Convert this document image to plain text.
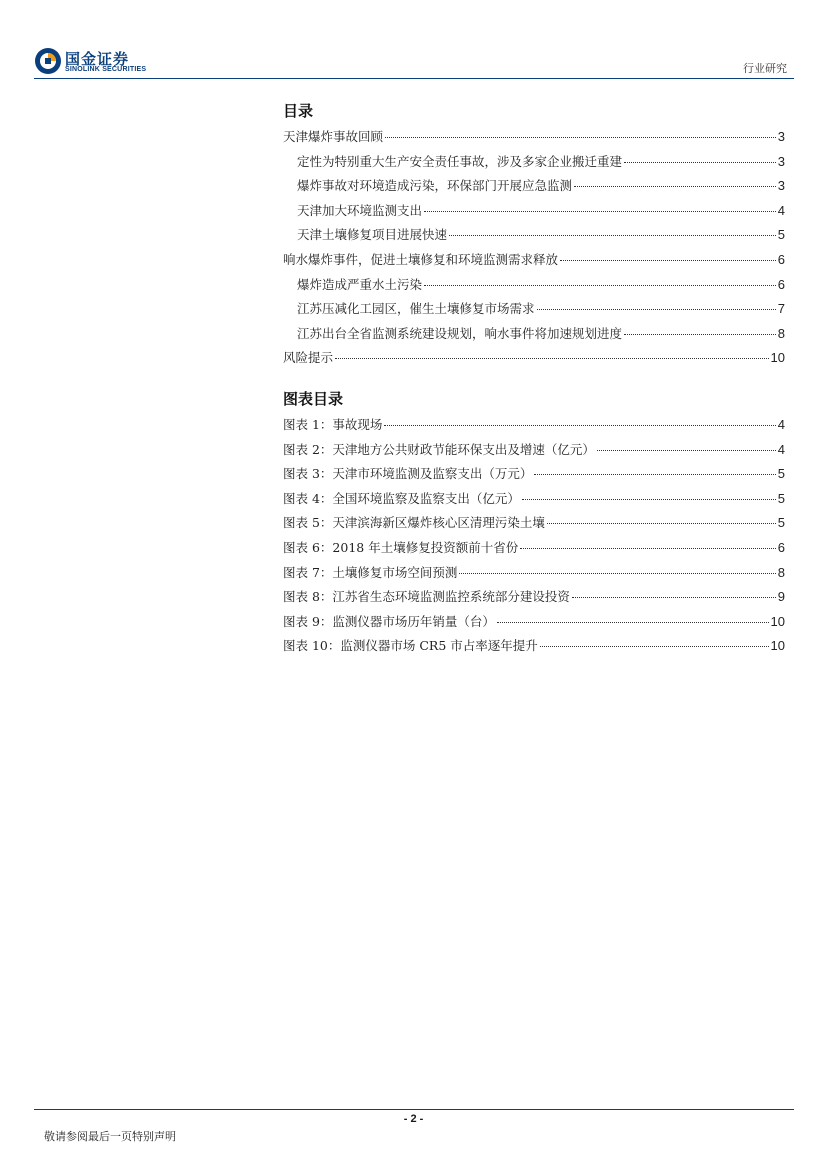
国金证券
SINOLINK SECURITIES	行业研究
目录
天津爆炸事故回顾	3
定性为特别重大生产安全责任事故，涉及多家企业搬迁重建	3
爆炸事故对环境造成污染，环保部门开展应急监测	3
天津加大环境监测支出	4
天津土壤修复项目进展快速	5
响水爆炸事件，促进土壤修复和环境监测需求释放	6
爆炸造成严重水土污染	6
江苏压减化工园区，催生土壤修复市场需求	7
江苏出台全省监测系统建设规划，响水事件将加速规划进度	8
风险提示	10
图表目录
图表 1：事故现场	4
图表 2：天津地方公共财政节能环保支出及增速（亿元）	4
图表 3：天津市环境监测及监察支出（万元）	5
图表 4：全国环境监察及监察支出（亿元）	5
图表 5：天津滨海新区爆炸核心区清理污染土壤	5
图表 6：2018 年土壤修复投资额前十省份	6
图表 7：土壤修复市场空间预测	8
图表 8：江苏省生态环境监测监控系统部分建设投资	9
图表 9：监测仪器市场历年销量（台）	10
图表 10：监测仪器市场 CR5 市占率逐年提升	10
- 2 -
敬请参阅最后一页特别声明
